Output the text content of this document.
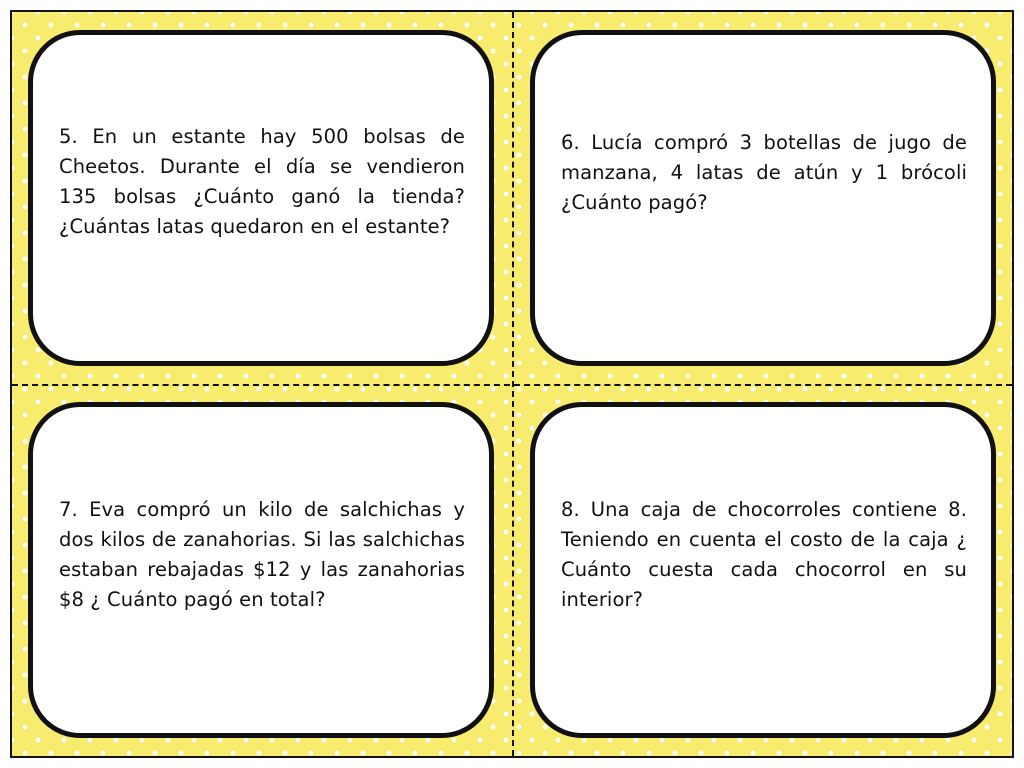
5. En un estante hay 500 bolsas de Cheetos. Durante el día se vendieron 135 bolsas ¿Cuánto ganó la tienda? ¿Cuántas latas quedaron en el estante?
6. Lucía compró 3 botellas de jugo de manzana, 4 latas de atún y 1 brócoli ¿Cuánto pagó?
7. Eva compró un kilo de salchichas y dos kilos de zanahorias. Si las salchichas estaban rebajadas $12 y las zanahorias $8 ¿ Cuánto pagó en total?
8. Una caja de chocorroles contiene 8. Teniendo en cuenta el costo de la caja ¿ Cuánto cuesta cada chocorrol en su interior?
